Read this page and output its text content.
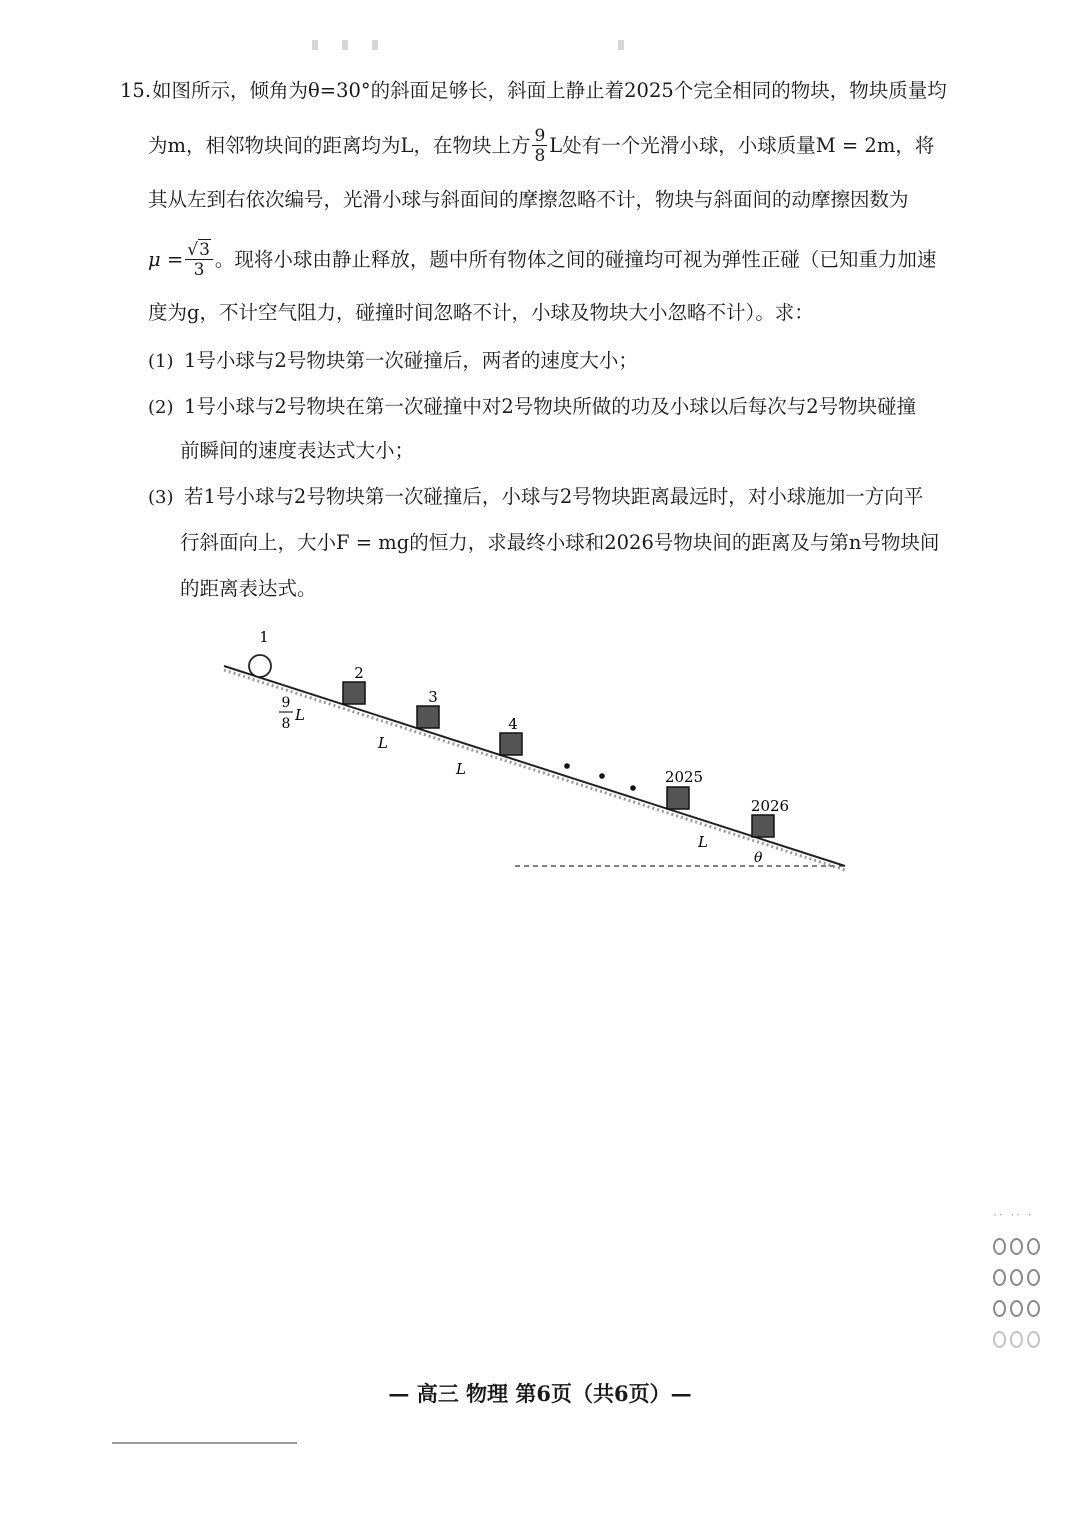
15.如图所示，倾角为θ=30°的斜面足够长，斜面上静止着2025个完全相同的物块，物块质量均
为m，相邻物块间的距离均为L，在物块上方 $\frac{9}{8}$ L处有一个光滑小球，小球质量M = 2m，将
其从左到右依次编号，光滑小球与斜面间的摩擦忽略不计，物块与斜面间的动摩擦因数为
$\mu = \frac{√3}{3}$ 。现将小球由静止释放，题中所有物体之间的碰撞均可视为弹性正碰（已知重力加速
度为g，不计空气阻力，碰撞时间忽略不计，小球及物块大小忽略不计）。求：
(1) 1号小球与2号物块第一次碰撞后，两者的速度大小；
(2) 1号小球与2号物块在第一次碰撞中对2号物块所做的功及小球以后每次与2号物块碰撞
前瞬间的速度表达式大小；
(3) 若1号小球与2号物块第一次碰撞后，小球与2号物块距离最远时，对小球施加一方向平
行斜面向上，大小F = mg的恒力，求最终小球和2026号物块间的距离及与第n号物块间
的距离表达式。
1
2
3
4
2025
2026
9
8 L
L
L
L
θ
·· ·· ·
— 高三 物理 第6页（共6页）—
